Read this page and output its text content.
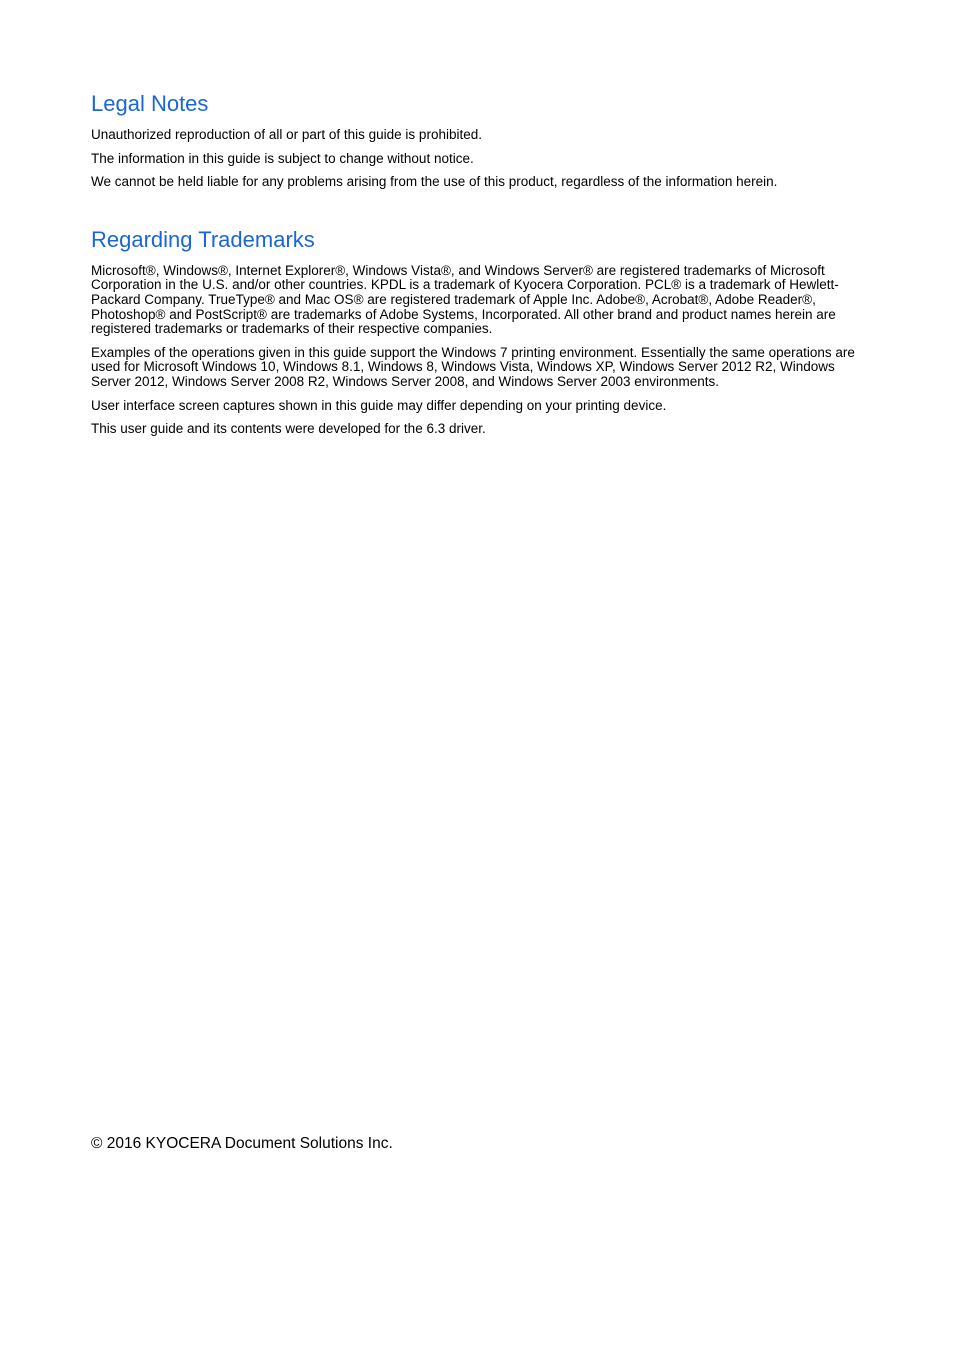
Legal Notes

Unauthorized reproduction of all or part of this guide is prohibited.

The information in this guide is subject to change without notice.

We cannot be held liable for any problems arising from the use of this product, regardless of the information herein.

Regarding Trademarks

Microsoft®, Windows®, Internet Explorer®, Windows Vista®, and Windows Server® are registered trademarks of Microsoft Corporation in the U.S. and/or other countries. KPDL is a trademark of Kyocera Corporation. PCL® is a trademark of Hewlett-Packard Company. TrueType® and Mac OS® are registered trademark of Apple Inc. Adobe®, Acrobat®, Adobe Reader®, Photoshop® and PostScript® are trademarks of Adobe Systems, Incorporated. All other brand and product names herein are registered trademarks or trademarks of their respective companies.

Examples of the operations given in this guide support the Windows 7 printing environment. Essentially the same operations are used for Microsoft Windows 10, Windows 8.1, Windows 8, Windows Vista, Windows XP, Windows Server 2012 R2, Windows Server 2012, Windows Server 2008 R2, Windows Server 2008, and Windows Server 2003 environments.

User interface screen captures shown in this guide may differ depending on your printing device.

This user guide and its contents were developed for the 6.3 driver.

© 2016 KYOCERA Document Solutions Inc.
